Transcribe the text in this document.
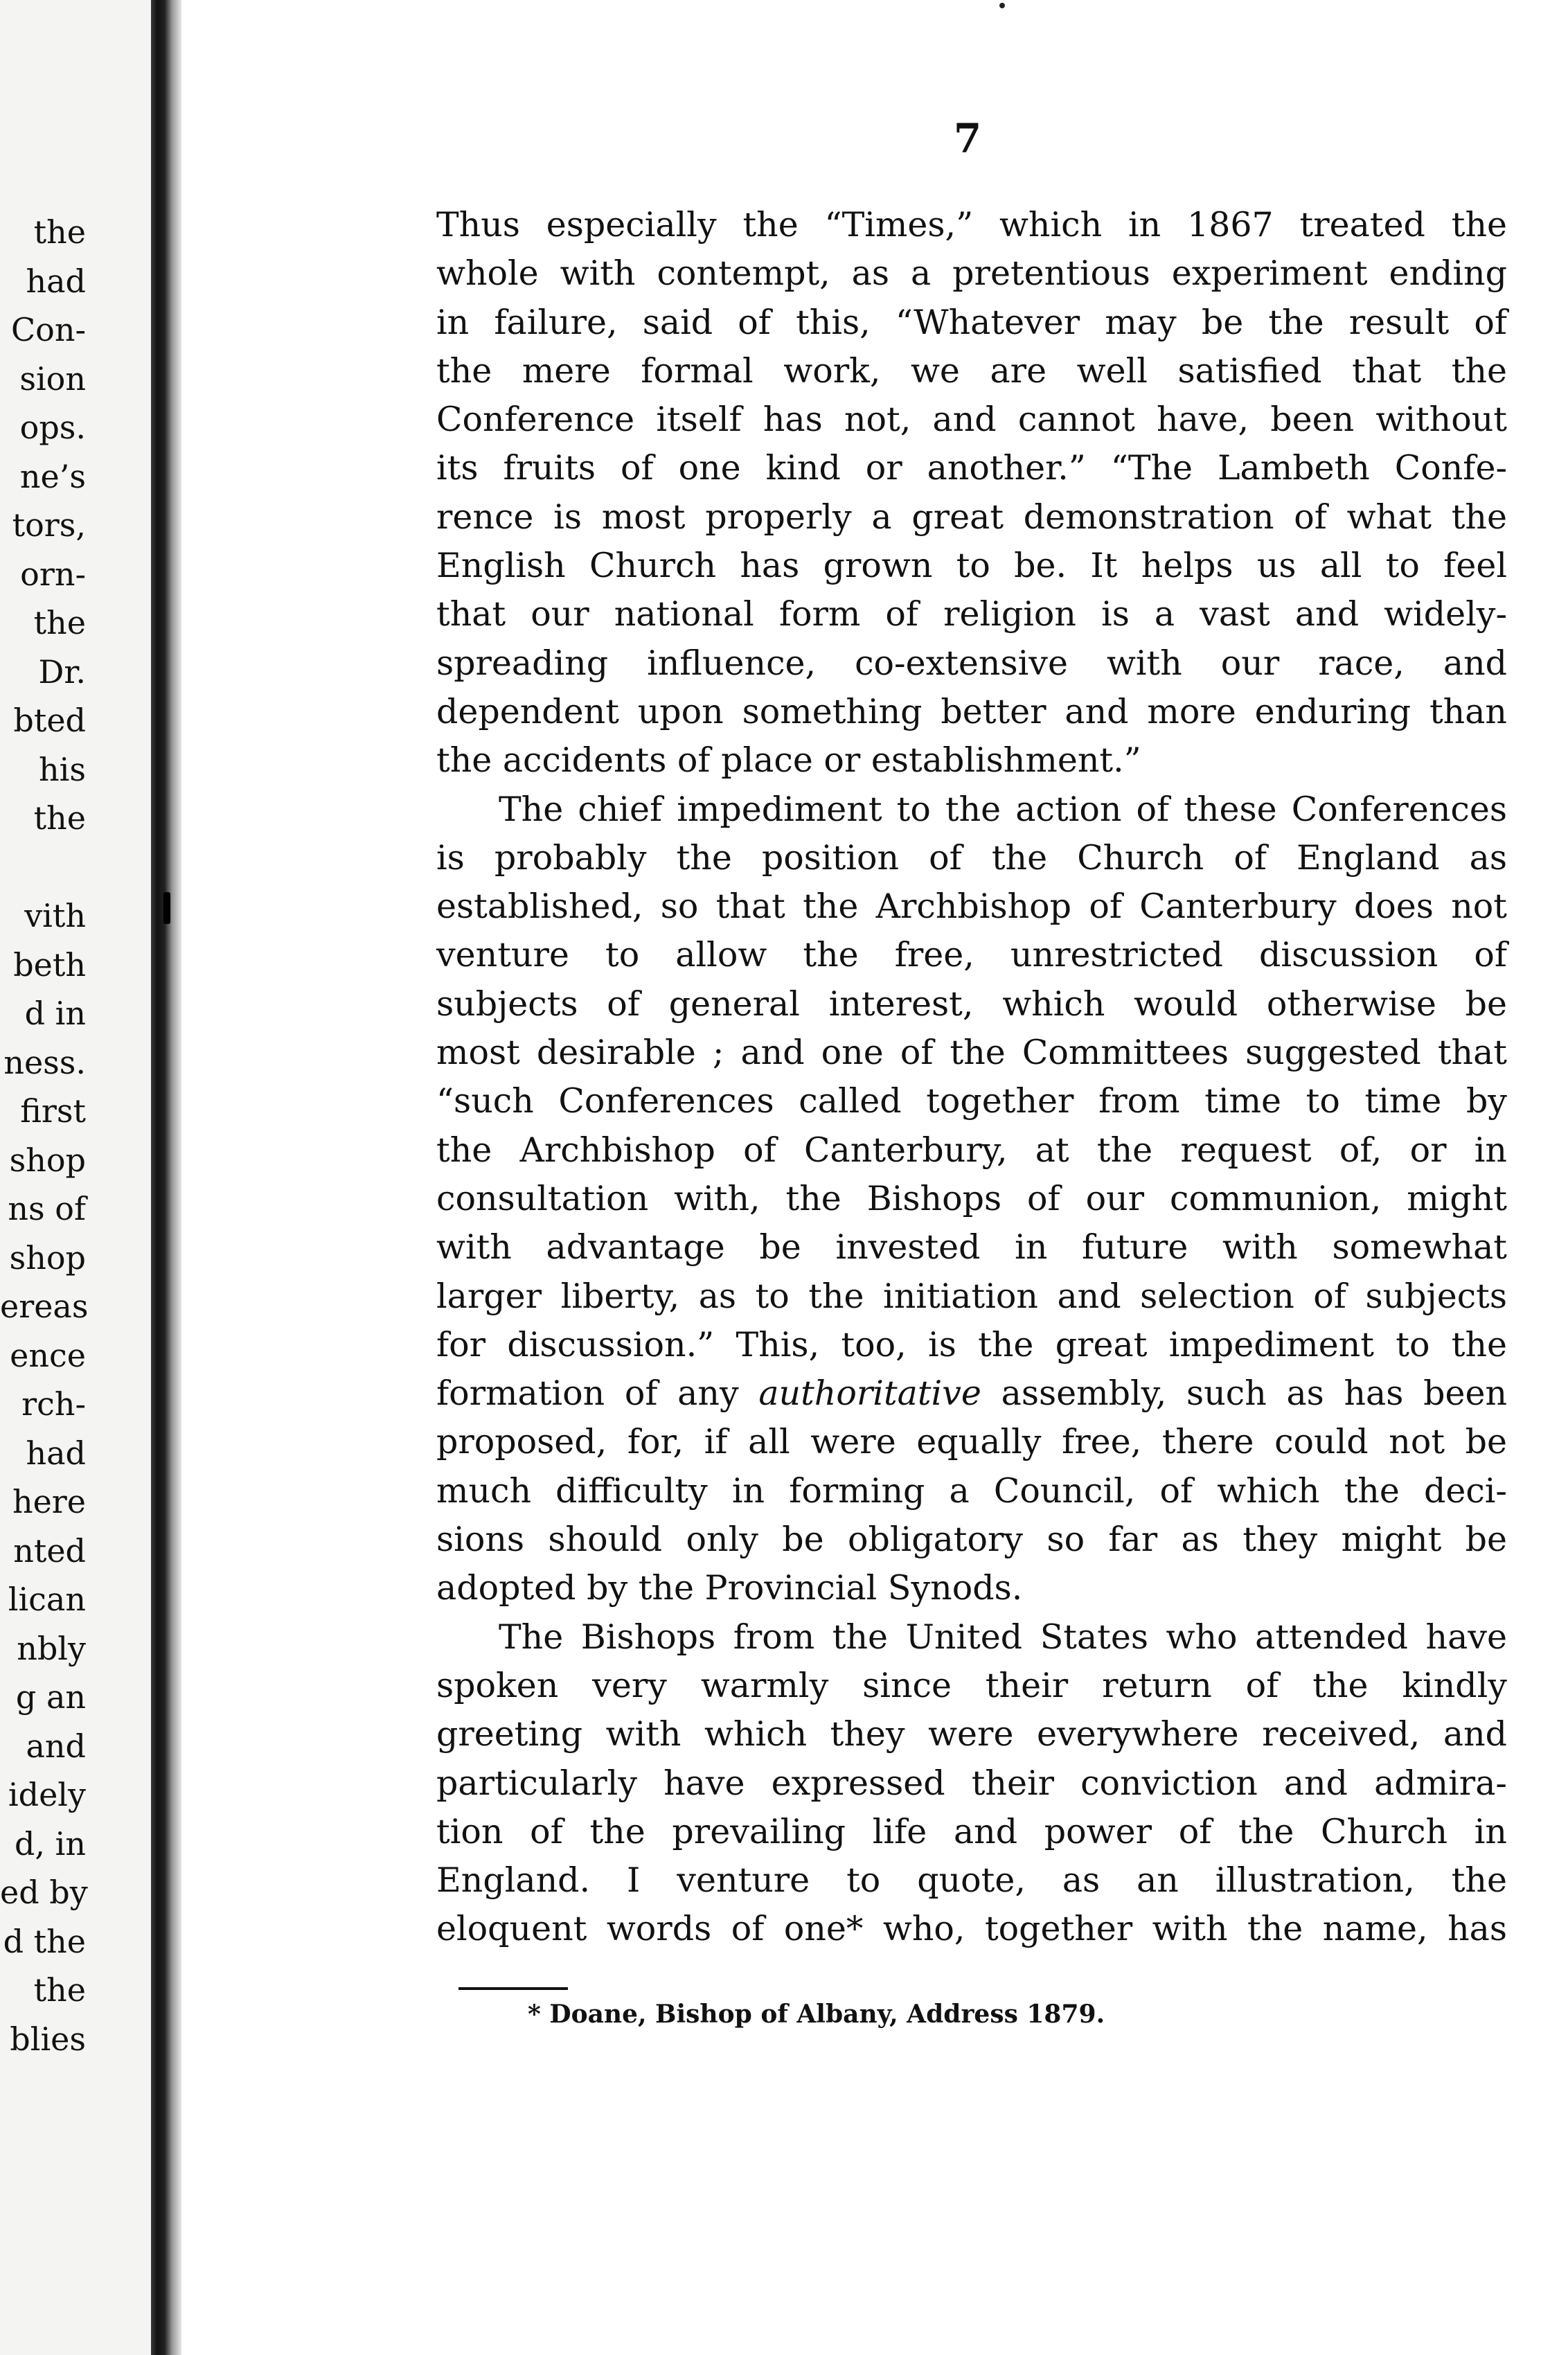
the
had
Con-
sion
ops.
ne’s
tors,
orn-
the
Dr.
bted
his
the
vith
beth
d in
ness.
first
shop
ns of
shop
ereas
ence
rch-
had
here
nted
lican
nbly
g an
and
idely
d, in
ed by
d the
the
blies
7
Thus especially the “Times,” which in 1867 treated the
whole with contempt, as a pretentious experiment ending
in failure, said of this, “Whatever may be the result of
the mere formal work, we are well satisfied that the
Conference itself has not, and cannot have, been without
its fruits of one kind or another.” “The Lambeth Confe-
rence is most properly a great demonstration of what the
English Church has grown to be. It helps us all to feel
that our national form of religion is a vast and widely-
spreading influence, co-extensive with our race, and
dependent upon something better and more enduring than
the accidents of place or establishment.”
The chief impediment to the action of these Conferences
is probably the position of the Church of England as
established, so that the Archbishop of Canterbury does not
venture to allow the free, unrestricted discussion of
subjects of general interest, which would otherwise be
most desirable ; and one of the Committees suggested that
“such Conferences called together from time to time by
the Archbishop of Canterbury, at the request of, or in
consultation with, the Bishops of our communion, might
with advantage be invested in future with somewhat
larger liberty, as to the initiation and selection of subjects
for discussion.” This, too, is the great impediment to the
formation of any authoritative assembly, such as has been
proposed, for, if all were equally free, there could not be
much difficulty in forming a Council, of which the deci-
sions should only be obligatory so far as they might be
adopted by the Provincial Synods.
The Bishops from the United States who attended have
spoken very warmly since their return of the kindly
greeting with which they were everywhere received, and
particularly have expressed their conviction and admira-
tion of the prevailing life and power of the Church in
England. I venture to quote, as an illustration, the
eloquent words of one* who, together with the name, has
* Doane, Bishop of Albany, Address 1879.
